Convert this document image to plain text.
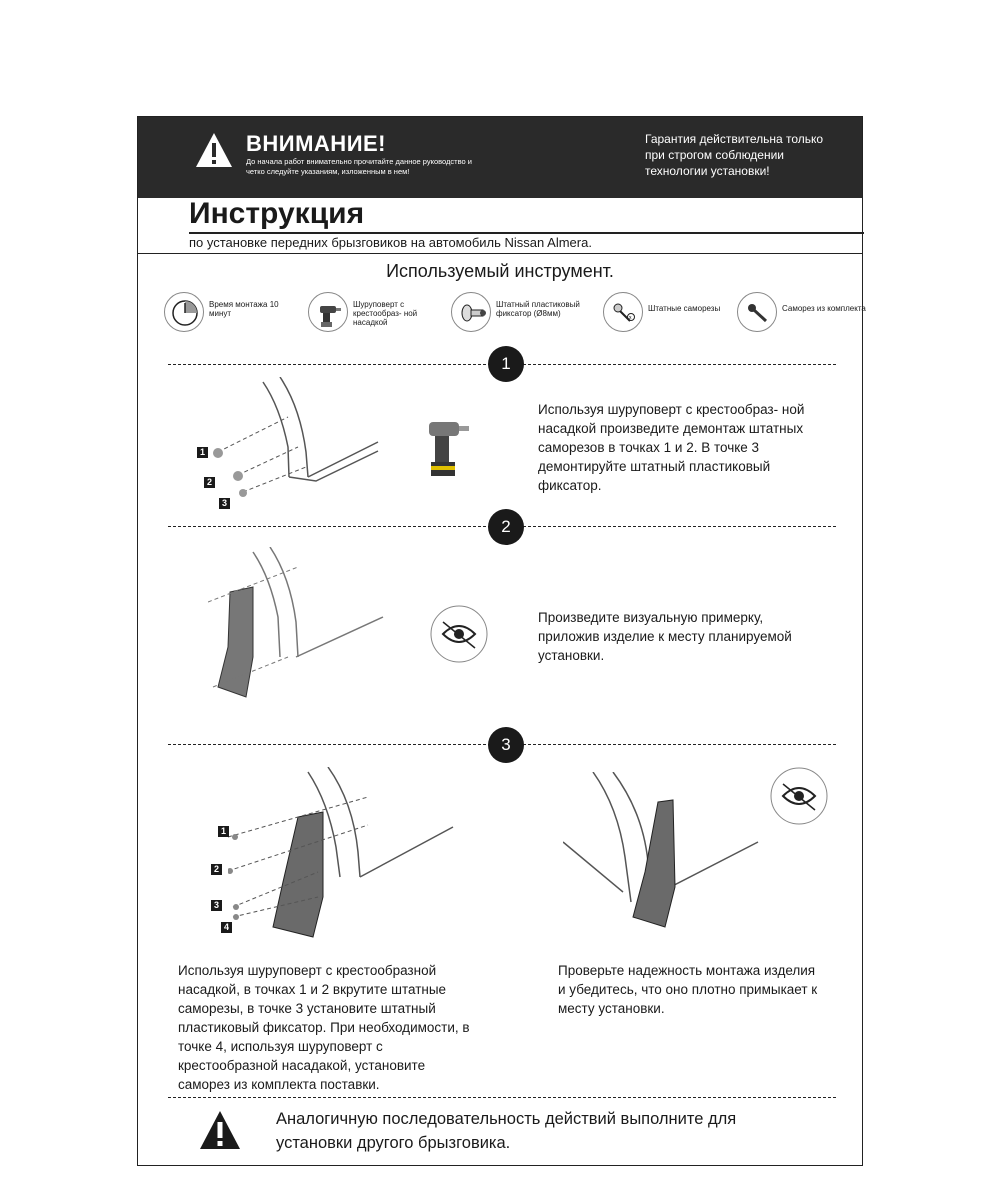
ВНИМАНИЕ!
До начала работ внимательно прочитайте данное руководство и четко следуйте указаниям, изложенным в нем!
Гарантия действительна только при строгом соблюдении технологии установки!
Инструкция
по установке передних брызговиков на автомобиль Nissan Almera.
Используемый инструмент.
Время монтажа 10 минут
Шуруповерт с крестообраз- ной насадкой
Штатный пластиковый фиксатор (Ø8мм)	x
Штатные саморезы	Саморез из комплекта
1
1
2
3
Используя шуруповерт с крестообраз- ной насадкой произведите демонтаж штатных саморезов в точках 1 и 2. В точке 3 демонтируйте штатный пластиковый фиксатор.
2
Произведите визуальную примерку, приложив изделие к месту планируемой установки.
3
1
2
3
4
Используя шуруповерт с крестообразной насадкой, в точках 1 и 2 вкрутите штатные саморезы, в точке 3 установите штатный пластиковый фиксатор. При необходимости, в точке 4, используя шуруповерт с крестообразной насадакой, установите саморез из комплекта поставки.
Проверьте надежность монтажа изделия и убедитесь, что оно плотно примыкает к месту установки.
Аналогичную последовательность действий выполните для установки другого брызговика.
